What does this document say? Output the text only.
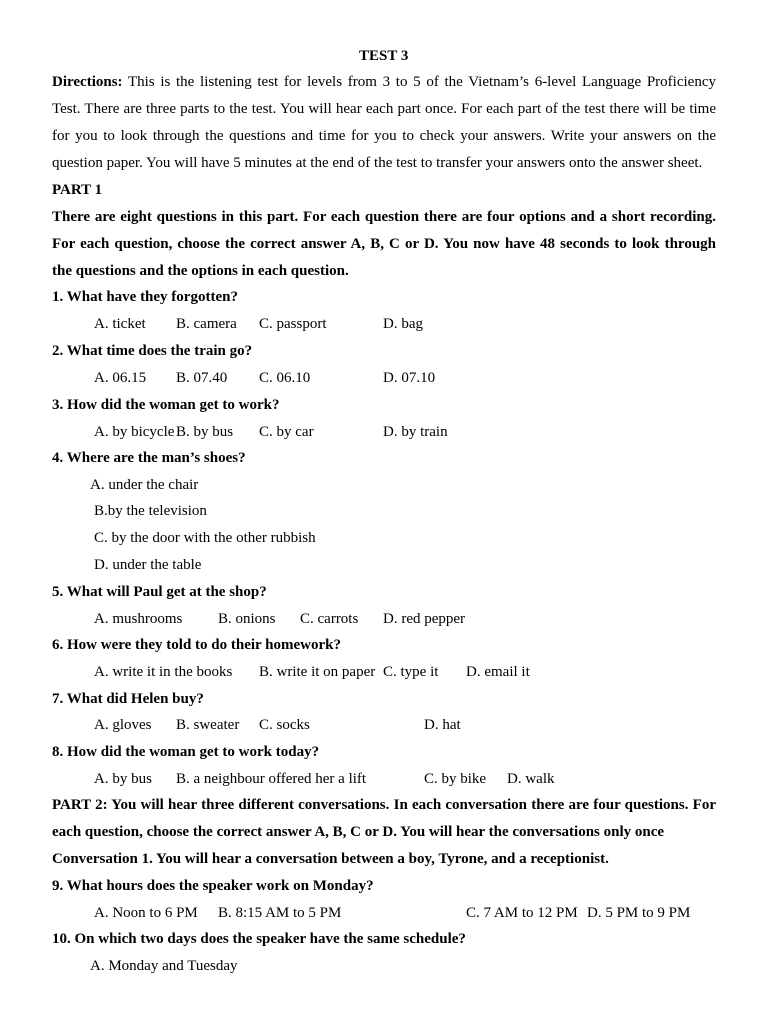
TEST 3
Directions: This is the listening test for levels from 3 to 5 of the Vietnam’s 6-level Language Proficiency
Test. There are three parts to the test. You will hear each part once. For each part of the test there will be time
for you to look through the questions and time for you to check your answers. Write your answers on the
question paper. You will have 5 minutes at the end of the test to transfer your answers onto the answer sheet.
PART 1
There are eight questions in this part. For each question there are four options and a short recording.
For each question, choose the correct answer A, B, C or D. You now have 48 seconds to look through
the questions and the options in each question.
1. What have they forgotten?
A. ticket B. camera C. passport	D. bag
2. What time does the train go?
A. 06.15 B. 07.40 C. 06.10	D. 07.10
3. How did the woman get to work?
A. by bicycle B. by bus C. by car	D. by train
4. Where are the man’s shoes?
A. under the chair
B.by the television
C. by the door with the other rubbish
D. under the table
5. What will Paul get at the shop?
A. mushrooms B. onions C. carrots D. red pepper
6. How were they told to do their homework?
A. write it in the books B. write it on paper C. type it D. email it
7. What did Helen buy?
A. gloves B. sweater C. socks	D. hat
8. How did the woman get to work today?
A. by bus B. a neighbour offered her a lift	C. by bike D. walk
PART 2: You will hear three different conversations. In each conversation there are four questions. For
each question, choose the correct answer A, B, C or D. You will hear the conversations only once
Conversation 1. You will hear a conversation between a boy, Tyrone, and a receptionist.
9. What hours does the speaker work on Monday?
A. Noon to 6 PM B. 8:15 AM to 5 PM	C. 7 AM to 12 PM D. 5 PM to 9 PM
10. On which two days does the speaker have the same schedule?
A. Monday and Tuesday
